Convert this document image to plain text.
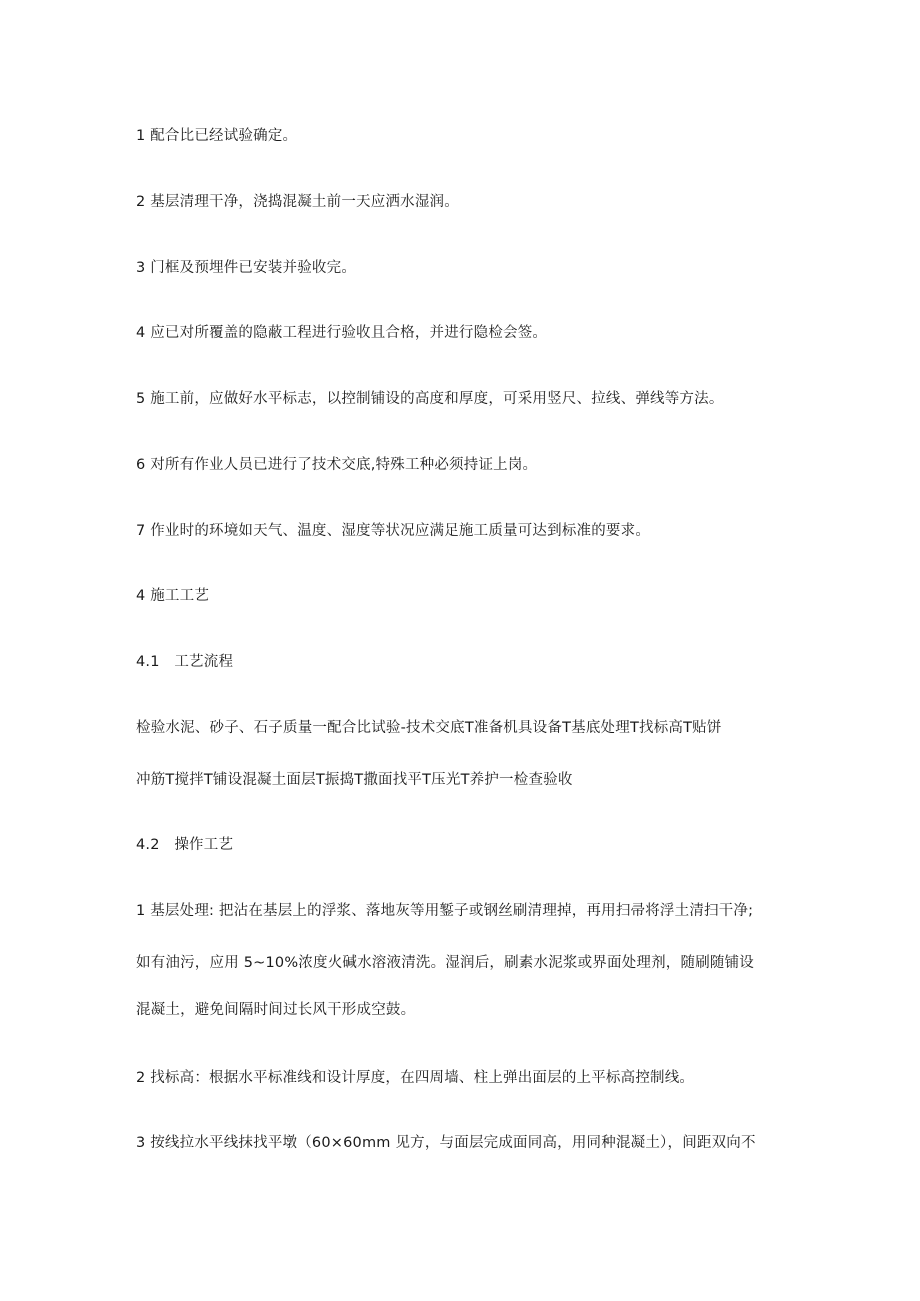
1 配合比已经试验确定。
2 基层清理干净，浇捣混凝土前一天应洒水湿润。
3 门框及预埋件已安装并验收完。
4 应已对所覆盖的隐蔽工程进行验收且合格，并进行隐检会签。
5 施工前，应做好水平标志，以控制铺设的高度和厚度，可采用竖尺、拉线、弹线等方法。
6 对所有作业人员已进行了技术交底,特殊工种必须持证上岗。
7 作业时的环境如天气、温度、湿度等状况应满足施工质量可达到标准的要求。
4 施工工艺
4.1　工艺流程
检验水泥、砂子、石子质量一配合比试验-技术交底T准备机具设备T基底处理T找标高T贴饼
冲筋T搅拌T铺设混凝土面层T振捣T撒面找平T压光T养护一检查验收
4.2　操作工艺
1 基层处理: 把沾在基层上的浮浆、落地灰等用錾子或钢丝刷清理掉，再用扫帚将浮土清扫干净;
如有油污，应用 5~10%浓度火碱水溶液清洗。湿润后，刷素水泥浆或界面处理剂，随刷随铺设
混凝土，避免间隔时间过长风干形成空鼓。
2 找标高：根据水平标准线和设计厚度，在四周墙、柱上弹出面层的上平标高控制线。
3 按线拉水平线抹找平墩（60×60mm 见方，与面层完成面同高，用同种混凝土），间距双向不
